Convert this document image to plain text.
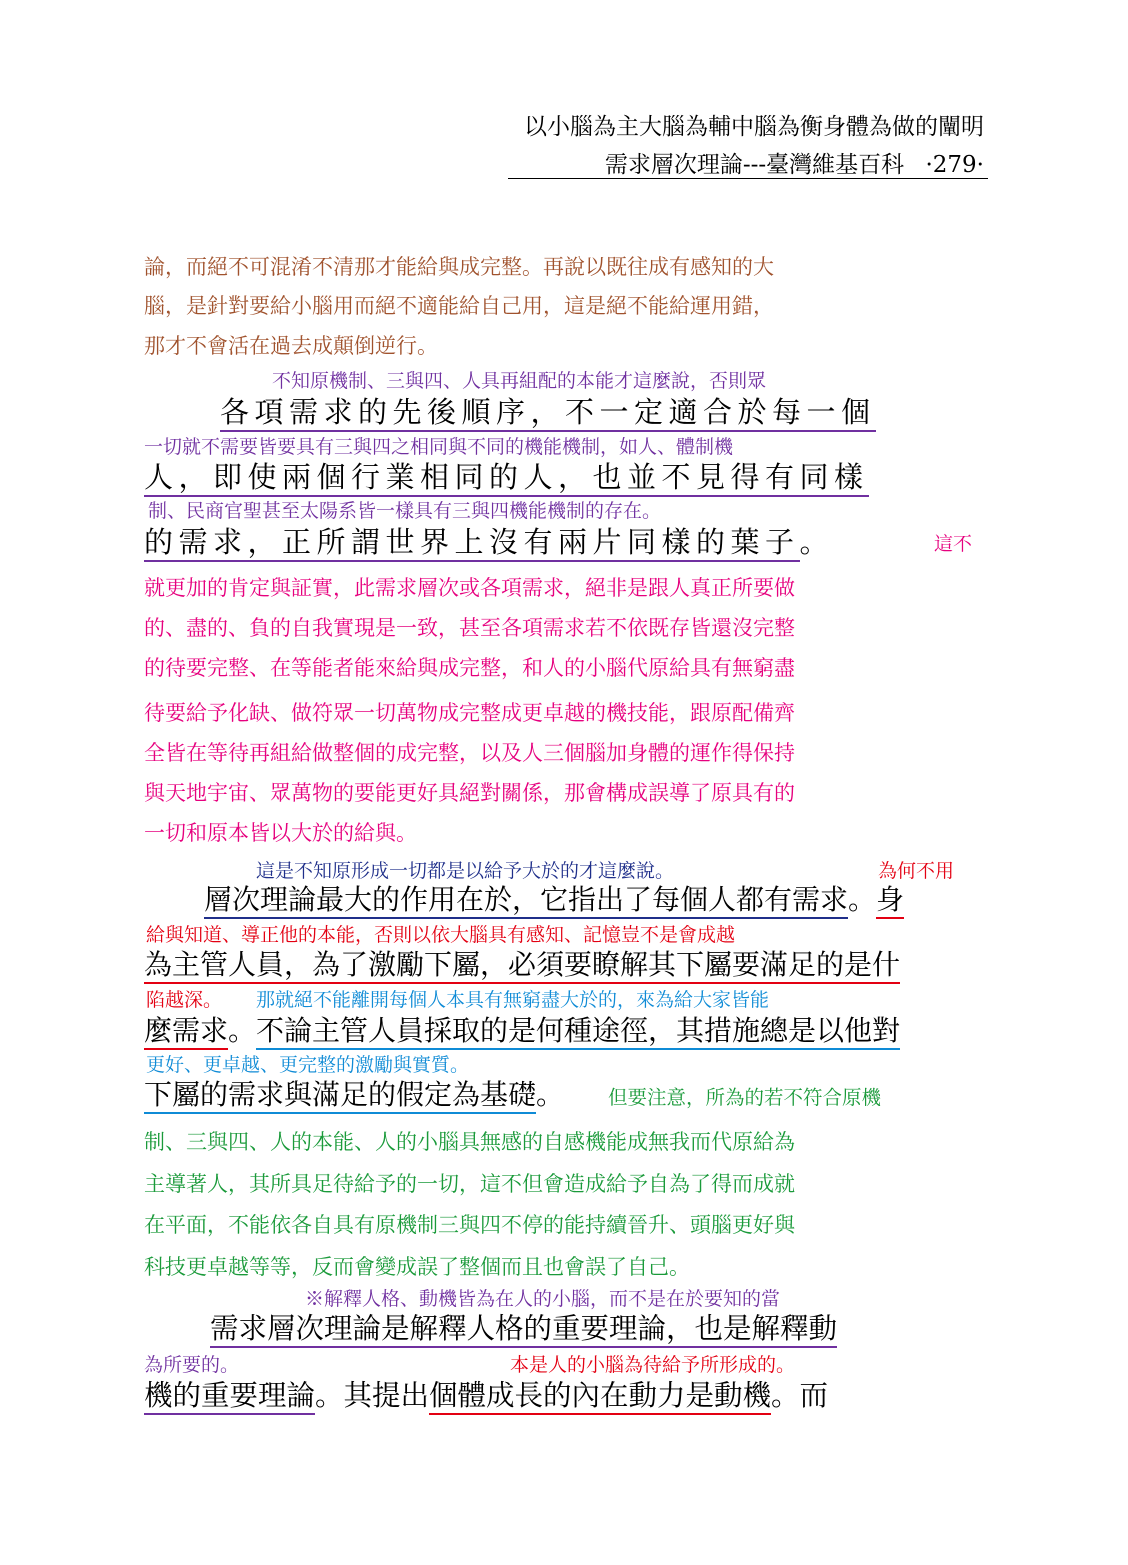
以小腦為主大腦為輔中腦為衡身體為做的闡明
需求層次理論---臺灣維基百科 ·279·
論，而絕不可混淆不清那才能給與成完整。再說以既往成有感知的大
腦，是針對要給小腦用而絕不適能給自己用，這是絕不能給運用錯，
那才不會活在過去成顛倒逆行。
不知原機制、三與四、人具再組配的本能才這麼說，否則眾
各項需求的先後順序，不一定適合於每一個
一切就不需要皆要具有三與四之相同與不同的機能機制，如人、體制機
人，即使兩個行業相同的人，也並不見得有同樣
制、民商官聖甚至太陽系皆一樣具有三與四機能機制的存在。
的需求，正所謂世界上沒有兩片同樣的葉子。	這不
就更加的肯定與証實，此需求層次或各項需求，絕非是跟人真正所要做
的、盡的、負的自我實現是一致，甚至各項需求若不依既存皆還沒完整
的待要完整、在等能者能來給與成完整，和人的小腦代原給具有無窮盡
待要給予化缺、做符眾一切萬物成完整成更卓越的機技能，跟原配備齊
全皆在等待再組給做整個的成完整，以及人三個腦加身體的運作得保持
與天地宇宙、眾萬物的要能更好具絕對關係，那會構成誤導了原具有的
一切和原本皆以大於的給與。
這是不知原形成一切都是以給予大於的才這麼說。	為何不用
層次理論最大的作用在於，它指出了每個人都有需求。身
給與知道、導正他的本能，否則以依大腦具有感知、記憶豈不是會成越
為主管人員，為了激勵下屬，必須要瞭解其下屬要滿足的是什
陷越深。 那就絕不能離開每個人本具有無窮盡大於的，來為給大家皆能
麼需求。不論主管人員採取的是何種途徑，其措施總是以他對
更好、更卓越、更完整的激勵與實質。
下屬的需求與滿足的假定為基礎。 但要注意，所為的若不符合原機
制、三與四、人的本能、人的小腦具無感的自感機能成無我而代原給為
主導著人，其所具足待給予的一切，這不但會造成給予自為了得而成就
在平面，不能依各自具有原機制三與四不停的能持續晉升、頭腦更好與
科技更卓越等等，反而會變成誤了整個而且也會誤了自己。
※解釋人格、動機皆為在人的小腦，而不是在於要知的當
需求層次理論是解釋人格的重要理論，也是解釋動
為所要的。	本是人的小腦為待給予所形成的。
機的重要理論。其提出個體成長的內在動力是動機。而
